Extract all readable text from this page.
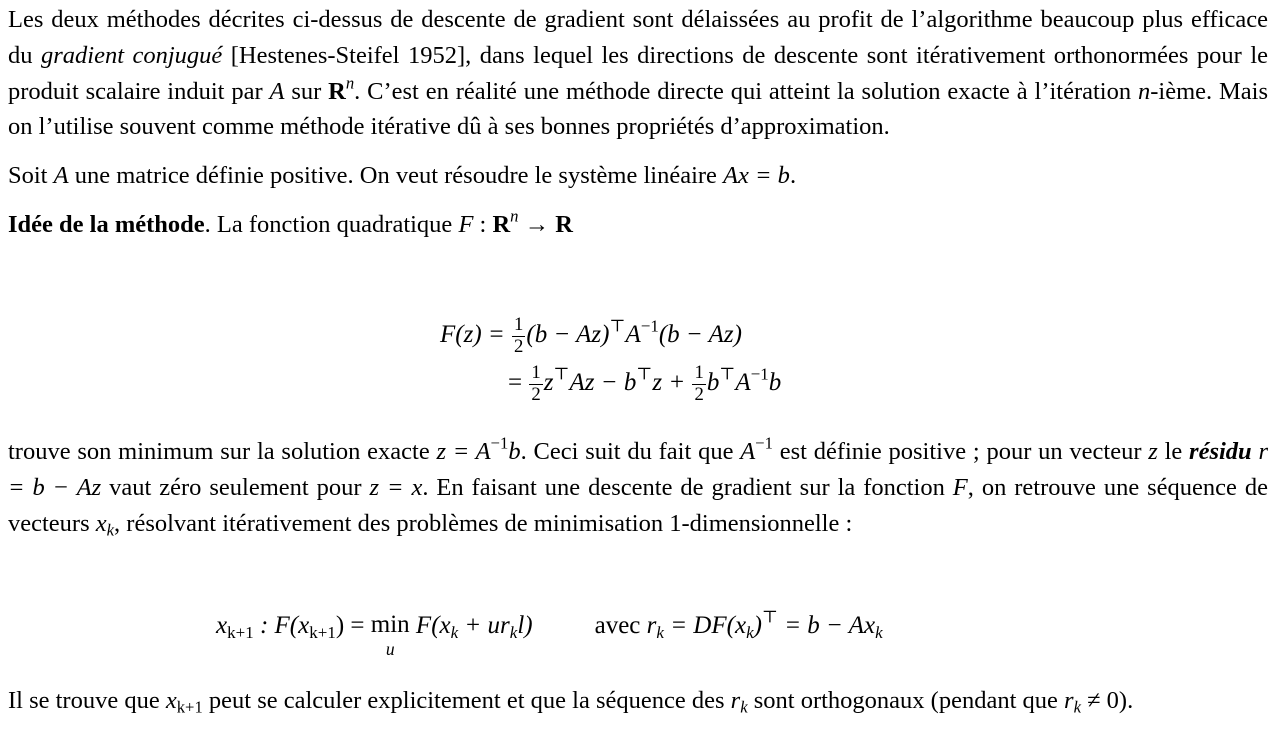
Les deux méthodes décrites ci-dessus de descente de gradient sont délaissées au profit de l’algorithme beaucoup plus efficace du gradient conjugué [Hestenes-Steifel 1952], dans lequel les directions de descente sont itérativement orthonormées pour le produit scalaire induit par A sur $R^n$. C’est en réalité une méthode directe qui atteint la solution exacte à l’itération n-ième. Mais on l’utilise souvent comme méthode itérative dû à ses bonnes propriétés d’approximation.

Soit A une matrice définie positive. On veut résoudre le système linéaire Ax = b.

Idée de la méthode. La fonction quadratique F : $R^n \to R$

$F(z) = \frac{1}{2} (b - Az)^⊤A^{-1}(b - Az)$
= $\frac{1}{2} z^⊤Az - b^⊤z + \frac{1}{2} b^⊤A^{-1}b$

trouve son minimum sur la solution exacte $z = A^{-1}b$. Ceci suit du fait que $A^{-1}$ est définie positive ; pour un vecteur z le résidu r = b − Az vaut zéro seulement pour z = x. En faisant une descente de gradient sur la fonction F, on retrouve une séquence de vecteurs $x_k$, résolvant itérativement des problèmes de minimisation 1-dimensionnelle :

$x_{k+1}$ : $F(x_{k+1}) = \min$
u
$F(x_k + ur_kl)$ avec $r_k = DF(x_k)^⊤ = b - Ax_k$

Il se trouve que $x_{k+1}$ peut se calculer explicitement et que la séquence des $r_k$ sont orthogonaux (pendant que $r_k \ne 0$).
